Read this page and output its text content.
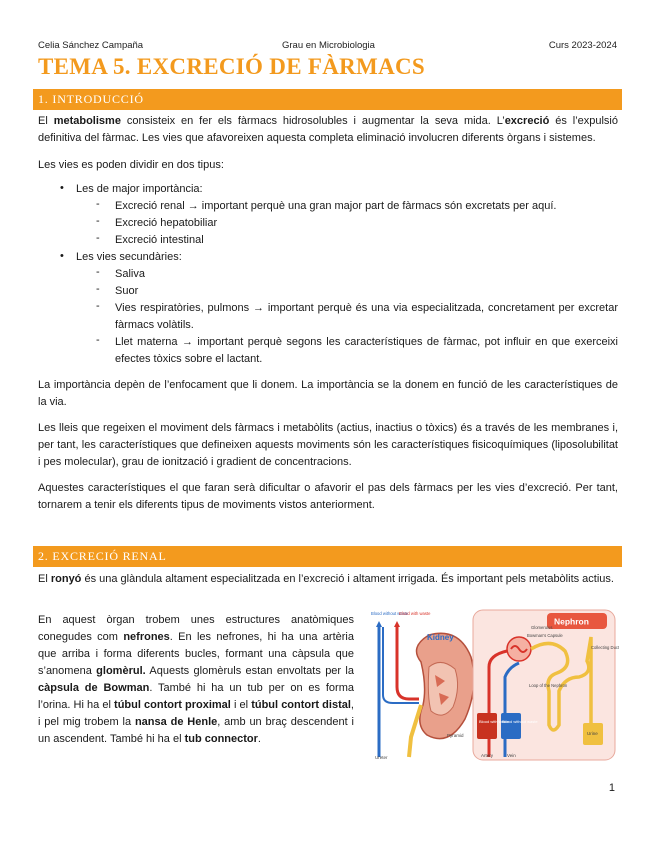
Celia Sánchez Campaña	Grau en Microbiologia	Curs 2023-2024
TEMA 5. EXCRECIÓ DE FÀRMACS
1. INTRODUCCIÓ
El metabolisme consisteix en fer els fàrmacs hidrosolubles i augmentar la seva mida. L’excreció és l’expulsió definitiva del fàrmac. Les vies que afavoreixen aquesta completa eliminació involucren diferents òrgans i sistemes.
Les vies es poden dividir en dos tipus:
• Les de major importància:
- Excreció renal → important perquè una gran major part de fàrmacs són excretats per aquí.
- Excreció hepatobiliar
- Excreció intestinal
• Les vies secundàries:
- Saliva
- Suor
- Vies respiratòries, pulmons → important perquè és una via especialitzada, concretament per excretar fàrmacs volàtils.
- Llet materna → important perquè segons les característiques de fàrmac, pot influir en que exerceixi efectes tòxics sobre el lactant.
La importància depèn de l’enfocament que li donem. La importància se la donem en funció de les característiques de la via.
Les lleis que regeixen el moviment dels fàrmacs i metabòlits (actius, inactius o tòxics) és a través de les membranes i, per tant, les característiques que defineixen aquests moviments són les característiques fisicoquímiques (liposolubilitat i pes molecular), grau de ionització i gradient de concentracions.
Aquestes característiques el que faran serà dificultar o afavorir el pas dels fàrmacs per les vies d’excreció. Per tant, tornarem a tenir els diferents tipus de moviments vistos anteriorment.
2. EXCRECIÓ RENAL
El ronyó és una glàndula altament especialitzada en l’excreció i altament irrigada. És important pels metabòlits actius.
En aquest òrgan trobem unes estructures anatòmiques conegudes com nefrones. En les nefrones, hi ha una artèria que arriba i forma diferents bucles, formant una càpsula que s’anomena glomèrul. Aquests glomèruls estan envoltats per la càpsula de Bowman. També hi ha un tub per on es forma l’orina. Hi ha el túbul contort proximal i el túbul contort distal, i pel mig trobem la nansa de Henle, amb un braç descendent i un ascendent. També hi ha el tub connector.
Kidney
Blood without waste
Blood with waste
Ureter
Pyramid
Nephron
Glomerulus
Bowman's Capsule
Loop of the Nephron
Collecting Duct
Blood with waste
Blood without waste
Urine
Artery	Vein
1
